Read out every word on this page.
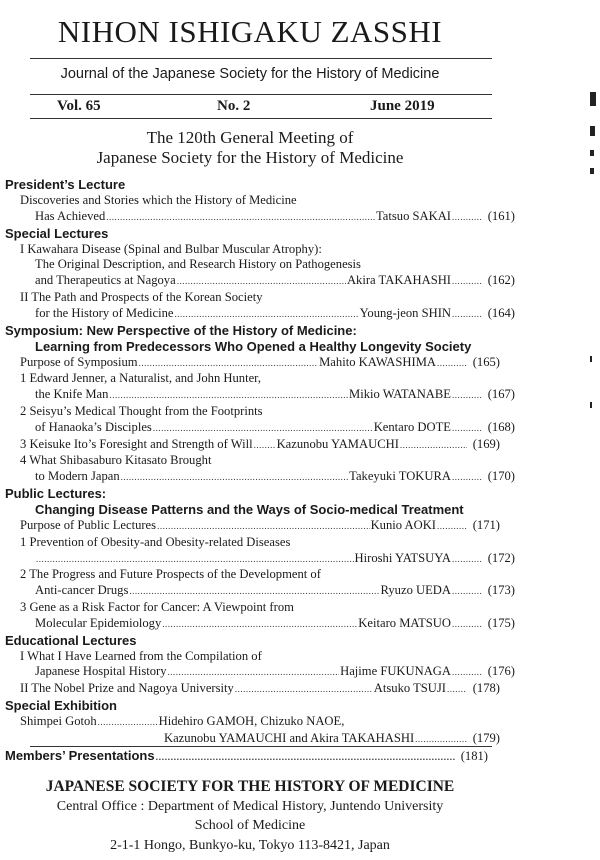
NIHON ISHIGAKU ZASSHI
Journal of the Japanese Society for the History of Medicine
Vol. 65	No. 2	June 2019
The 120th General Meeting of
Japanese Society for the History of Medicine
President’s Lecture
Discoveries and Stories which the History of Medicine
Has Achieved .....	Tatsuo SAKAI .....	(161)
Special Lectures
I Kawahara Disease (Spinal and Bulbar Muscular Atrophy):
The Original Description, and Research History on Pathogenesis
and Therapeutics at Nagoya .....	Akira TAKAHASHI .....	(162)
II The Path and Prospects of the Korean Society
for the History of Medicine .....	Young-jeon SHIN .....	(164)
Symposium: New Perspective of the History of Medicine:
Learning from Predecessors Who Opened a Healthy Longevity Society
Purpose of Symposium .....	Mahito KAWASHIMA .....	(165)
1 Edward Jenner, a Naturalist, and John Hunter,
the Knife Man .....	Mikio WATANABE .....	(167)
2 Seisyu’s Medical Thought from the Footprints
of Hanaoka’s Disciples .....	Kentaro DOTE .....	(168)
3 Keisuke Ito’s Foresight and Strength of Will ..... Kazunobu YAMAUCHI .....	(169)
4 What Shibasaburo Kitasato Brought
to Modern Japan .....	Takeyuki TOKURA .....	(170)
Public Lectures:
Changing Disease Patterns and the Ways of Socio-medical Treatment
Purpose of Public Lectures .....	Kunio AOKI .....	(171)
1 Prevention of Obesity-and Obesity-related Diseases
.....
Hiroshi YATSUYA .....	(172)
2 The Progress and Future Prospects of the Development of
Anti-cancer Drugs .....	Ryuzo UEDA .....	(173)
3 Gene as a Risk Factor for Cancer: A Viewpoint from
Molecular Epidemiology .....	Keitaro MATSUO .....	(175)
Educational Lectures
I What I Have Learned from the Compilation of
Japanese Hospital History .....	Hajime FUKUNAGA .....	(176)
II The Nobel Prize and Nagoya University .....	Atsuko TSUJI ..... (178)
Special Exhibition
Shimpei Gotoh .....	Hidehiro GAMOH, Chizuko NAOE,
Kazunobu YAMAUCHI and Akira TAKAHASHI .....	(179)
Members’ Presentations .....	(181)
JAPANESE SOCIETY FOR THE HISTORY OF MEDICINE
Central Office : Department of Medical History, Juntendo University
School of Medicine
2-1-1 Hongo, Bunkyo-ku, Tokyo 113-8421, Japan
